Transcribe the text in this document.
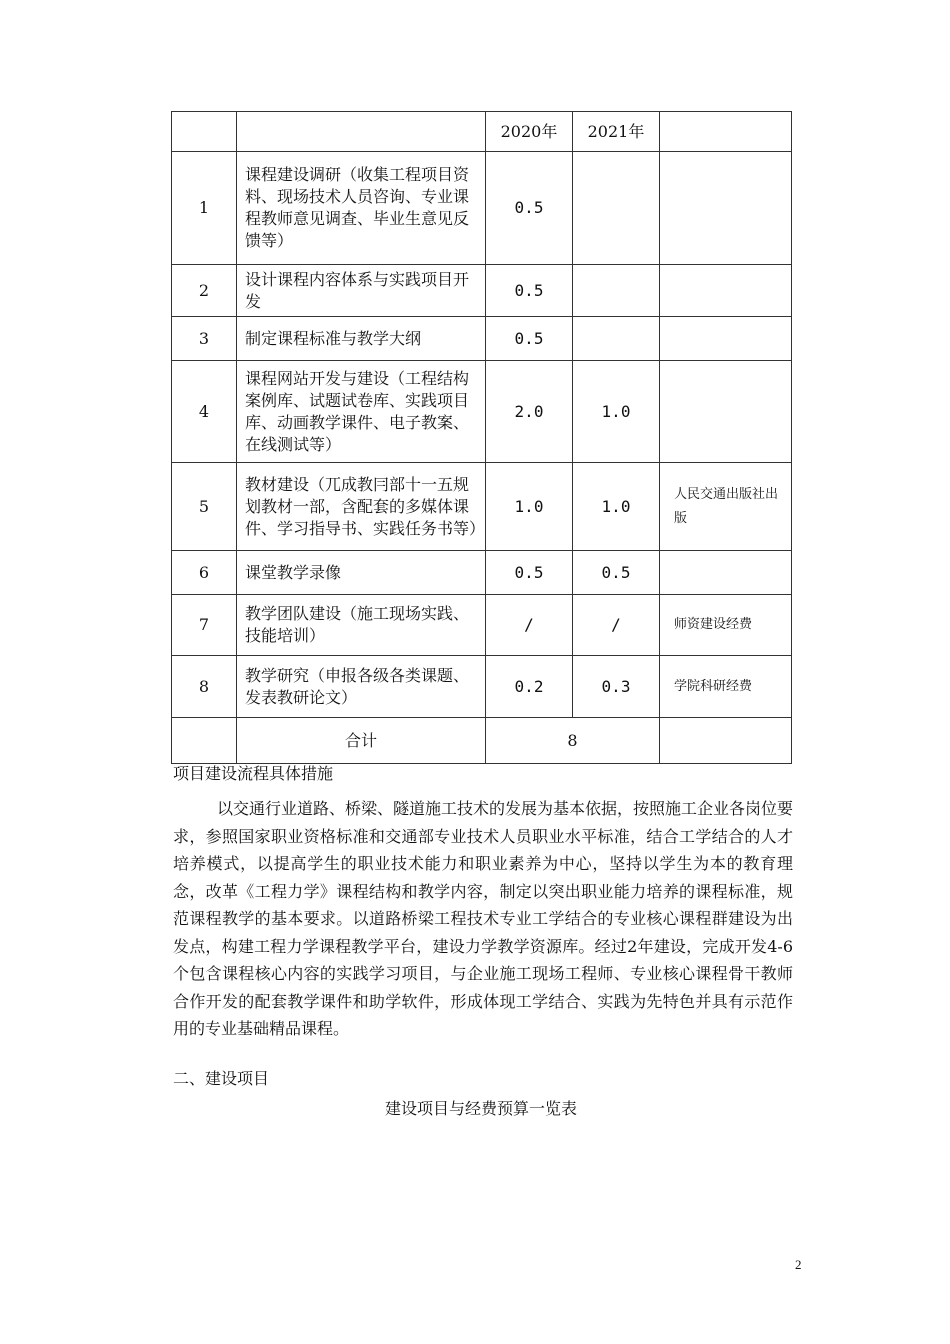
		2020年	2021年	
1	课程建设调研（收集工程项目资料、现场技术人员咨询、专业课程教师意见调查、毕业生意见反馈等）	0.5		
2	设计课程内容体系与实践项目开发	0.5		
3	制定课程标准与教学大纲	0.5		
4	课程网站开发与建设（工程结构案例库、试题试卷库、实践项目库、动画教学课件、电子教案、在线测试等）	2.0	1.0	
5	教材建设（兀成教冃部十一五规划教材一部，含配套的多媒体课件、学习指导书、实践任务书等）	1.0	1.0	人民交通出版社出版
6	课堂教学录像	0.5	0.5	
7	教学团队建设（施工现场实践、技能培训）	/	/	师资建设经费
8	教学研究（申报各级各类课题、发表教研论文）	0.2	0.3	学院科研经费
	合计	8		
项目建设流程具体措施

以交通行业道路、桥梁、隧道施工技术的发展为基本依据，按照施工企业各岗位要求，参照国家职业资格标准和交通部专业技术人员职业水平标准，结合工学结合的人才培养模式，以提高学生的职业技术能力和职业素养为中心，坚持以学生为本的教育理念，改革《工程力学》课程结构和教学内容，制定以突出职业能力培养的课程标准，规范课程教学的基本要求。以道路桥梁工程技术专业工学结合的专业核心课程群建设为出发点，构建工程力学课程教学平台，建设力学教学资源库。经过2年建设，完成开发4-6个包含课程核心内容的实践学习项目，与企业施工现场工程师、专业核心课程骨干教师合作开发的配套教学课件和助学软件，形成体现工学结合、实践为先特色并具有示范作用的专业基础精品课程。

二、建设项目
建设项目与经费预算一览表
2
